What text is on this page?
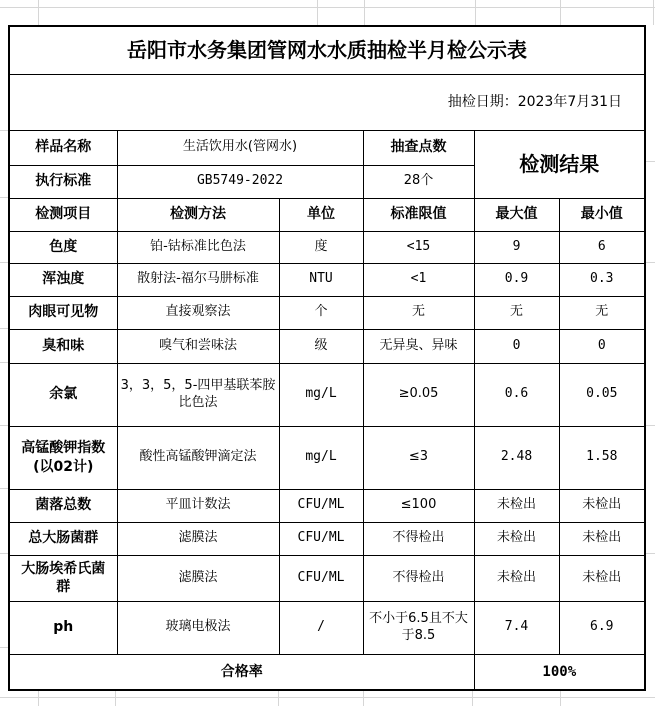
岳阳市水务集团管网水水质抽检半月检公示表					
抽检日期：2023年7月31日					
样品名称	生活饮用水(管网水)		抽查点数	检测结果	
执行标准	GB5749-2022		28个		
检测项目	检测方法	单位	标准限值	最大值	最小值
色度	铂-钴标准比色法	度	<15	9	6
浑浊度	散射法-福尔马肼标准	NTU	<1	0.9	0.3
肉眼可见物	直接观察法	个	无	无	无
臭和味	嗅气和尝味法	级	无异臭、异味	0	0
余氯	3，3，5，5-四甲基联苯胺比色法	mg/L	≥0.05	0.6	0.05
高锰酸钾指数(以02计)	酸性高锰酸钾滴定法	mg/L	≤3	2.48	1.58
菌落总数	平皿计数法	CFU/ML	≤100	未检出	未检出
总大肠菌群	滤膜法	CFU/ML	不得检出	未检出	未检出
大肠埃希氏菌群	滤膜法	CFU/ML	不得检出	未检出	未检出
ph	玻璃电极法	/	不小于6.5且不大于8.5	7.4	6.9
合格率				100%	
